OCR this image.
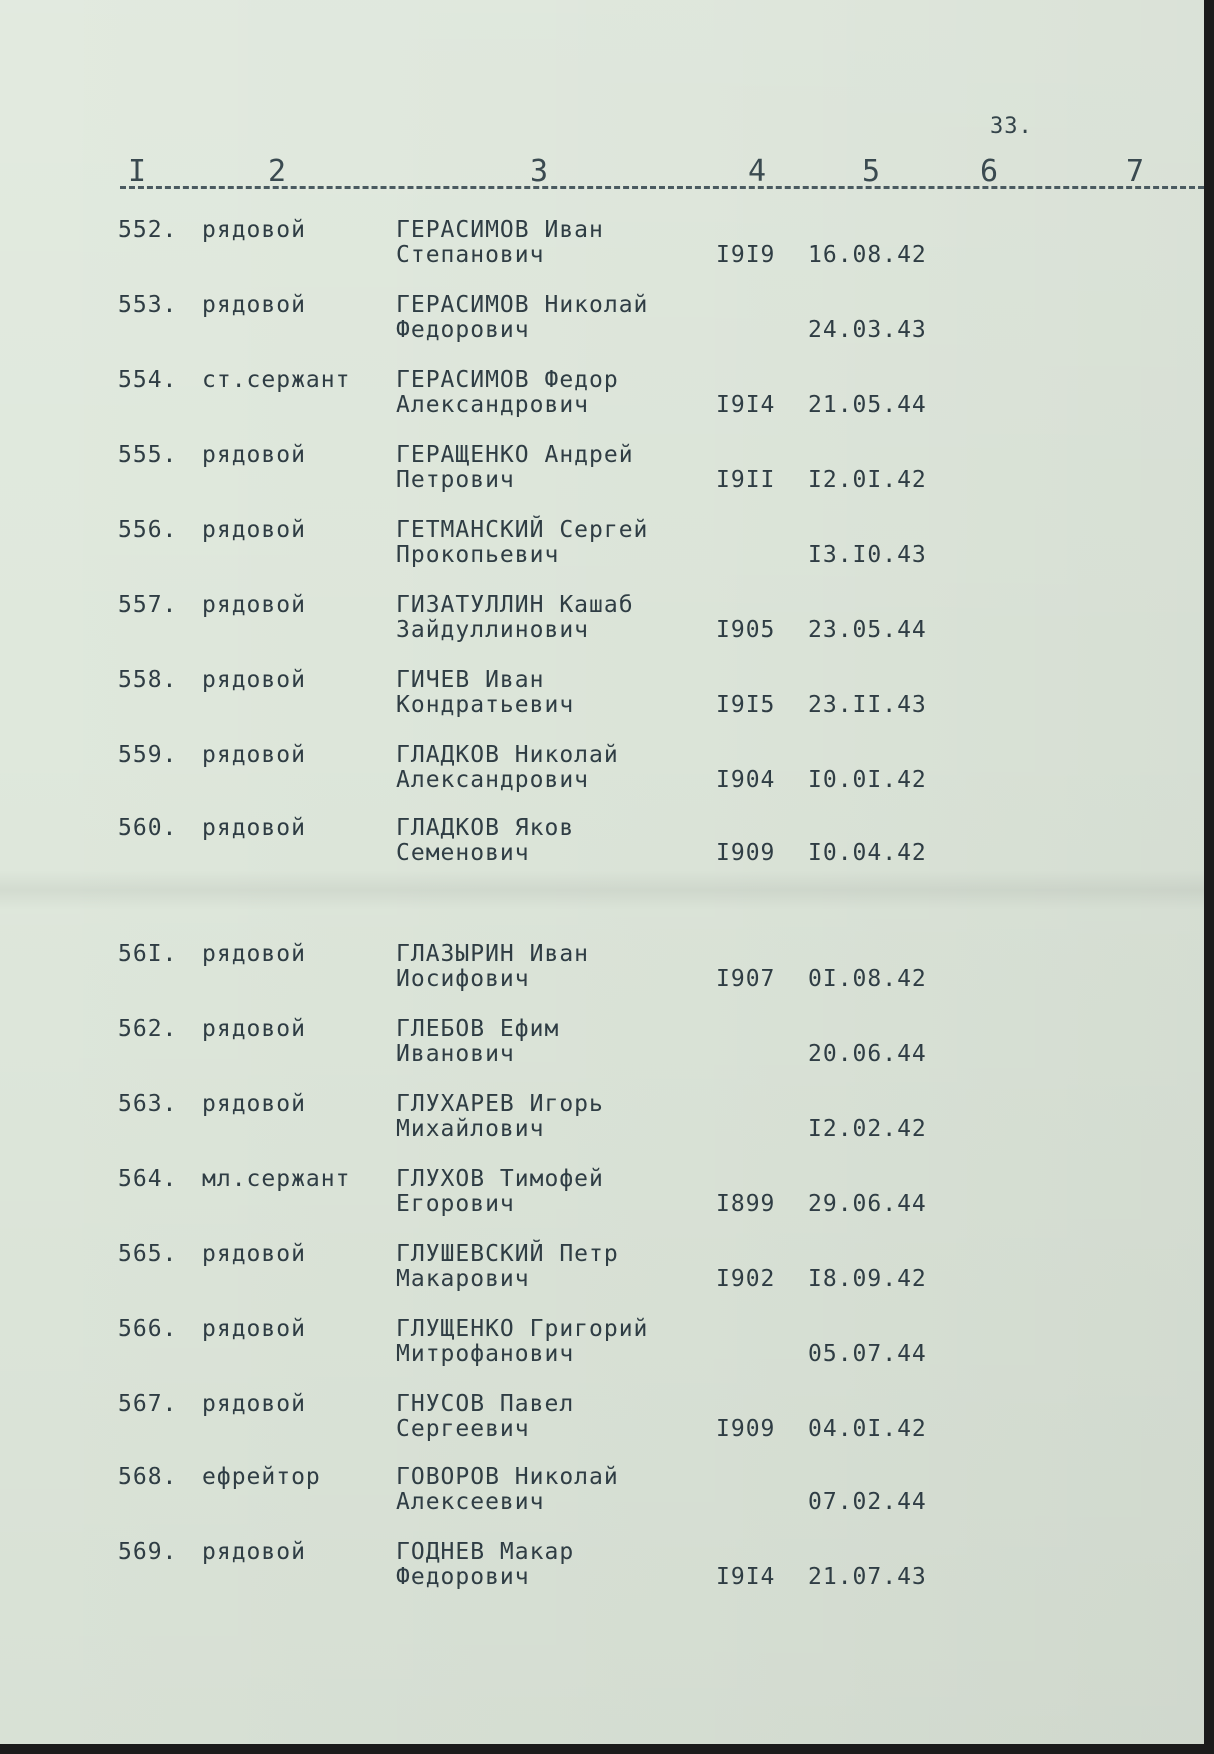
33.
I	2	3	4	5	6	7
552. рядовой	ГЕРАСИМОВ Иван
Степанович	I9I9 16.08.42
553. рядовой	ГЕРАСИМОВ Николай
Федорович	24.03.43
554. ст.сержант ГЕРАСИМОВ Федор
Александрович	I9I4 21.05.44
555. рядовой	ГЕРАЩЕНКО Андрей
Петрович	I9II I2.0I.42
556. рядовой	ГЕТМАНСКИЙ Сергей
Прокопьевич	I3.I0.43
557. рядовой	ГИЗАТУЛЛИН Кашаб
Зайдуллинович	I905 23.05.44
558. рядовой	ГИЧЕВ Иван
Кондратьевич	I9I5 23.II.43
559. рядовой	ГЛАДКОВ Николай
Александрович	I904 I0.0I.42
560. рядовой	ГЛАДКОВ Яков
Семенович	I909 I0.04.42
56I. рядовой	ГЛАЗЫРИН Иван
Иосифович	I907 0I.08.42
562. рядовой	ГЛЕБОВ Ефим
Иванович	20.06.44
563. рядовой	ГЛУХАРЕВ Игорь
Михайлович	I2.02.42
564. мл.сержант ГЛУХОВ Тимофей
Егорович	I899 29.06.44
565. рядовой	ГЛУШЕВСКИЙ Петр
Макарович	I902 I8.09.42
566. рядовой	ГЛУЩЕНКО Григорий
Митрофанович	05.07.44
567. рядовой	ГНУСОВ Павел
Сергеевич	I909 04.0I.42
568. ефрейтор	ГОВОРОВ Николай
Алексеевич	07.02.44
569. рядовой	ГОДНЕВ Макар
Федорович	I9I4 21.07.43
